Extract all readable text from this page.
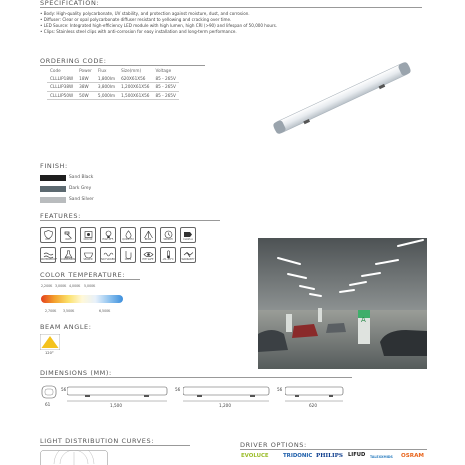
SPECIFICATION:
• Body: High-quality polycarbonate, UV stability, and protection against moisture, dust, and corrosion.
• Diffuser: Clear or opal polycarbonate diffuser resistant to yellowing and cracking over time.
• LED Source: Integrated high-efficiency LED module with high lumen, high CRI (>90) and lifespan of 50,000 hours.
• Clips: Stainless steel clips with anti-corrosion for easy installation and long-term performance.
ORDERING CODE:
Code	Power	Flux	Size(mm)	Voltage
CLLLIP18W	18W	1,800lm	620X61X56	85 - 265V
CLLLIP38W	38W	3,800lm	1,200X61X56	85 - 265V
CLLLIP50W	50W	5,000lm	1,500X61X56	85 - 265V
FINISH:
Sand Black
Dark Grey
Sand Silver
FEATURES:
IP65	IK08	CRI>90	HIGH EFF.	QUICK FIX	BEAM	50000H	CLASS A
WATERPROOF
ANTI-CORROSION	SEALED	NO FLICKER	CLIPS	EYE SAFE	-20~45°C	WARRANTY
COLOR TEMPERATURE:
2,200K 3,000K 4,000K 5,000K
2,700K 3,500K	6,500K
BEAM ANGLE:
120°
A
DIMENSIONS (MM):
61
56
1,500
56
1,200
56
620
LIGHT DISTRIBUTION CURVES:	DRIVER OPTIONS:
EVOLUCE	TRIDONIC PHILIPS LIFUD TALEXXMIDS OSRAM
